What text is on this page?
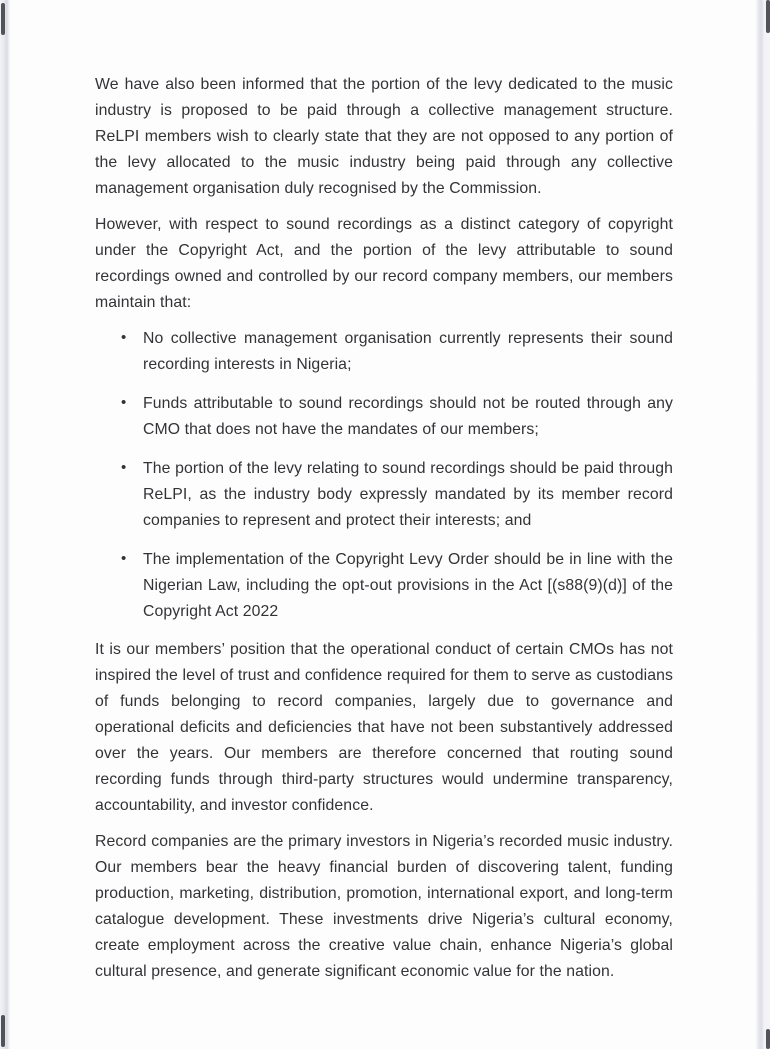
We have also been informed that the portion of the levy dedicated to the music industry is proposed to be paid through a collective management structure. ReLPI members wish to clearly state that they are not opposed to any portion of the levy allocated to the music industry being paid through any collective management organisation duly recognised by the Commission.

However, with respect to sound recordings as a distinct category of copyright under the Copyright Act, and the portion of the levy attributable to sound recordings owned and controlled by our record company members, our members maintain that:

• No collective management organisation currently represents their sound recording interests in Nigeria;
• Funds attributable to sound recordings should not be routed through any CMO that does not have the mandates of our members;
• The portion of the levy relating to sound recordings should be paid through ReLPI, as the industry body expressly mandated by its member record companies to represent and protect their interests; and
• The implementation of the Copyright Levy Order should be in line with the Nigerian Law, including the opt-out provisions in the Act [(s88(9)(d)] of the Copyright Act 2022

It is our members’ position that the operational conduct of certain CMOs has not inspired the level of trust and confidence required for them to serve as custodians of funds belonging to record companies, largely due to governance and operational deficits and deficiencies that have not been substantively addressed over the years. Our members are therefore concerned that routing sound recording funds through third-party structures would undermine transparency, accountability, and investor confidence.

Record companies are the primary investors in Nigeria’s recorded music industry. Our members bear the heavy financial burden of discovering talent, funding production, marketing, distribution, promotion, international export, and long-term catalogue development. These investments drive Nigeria’s cultural economy, create employment across the creative value chain, enhance Nigeria’s global cultural presence, and generate significant economic value for the nation.
